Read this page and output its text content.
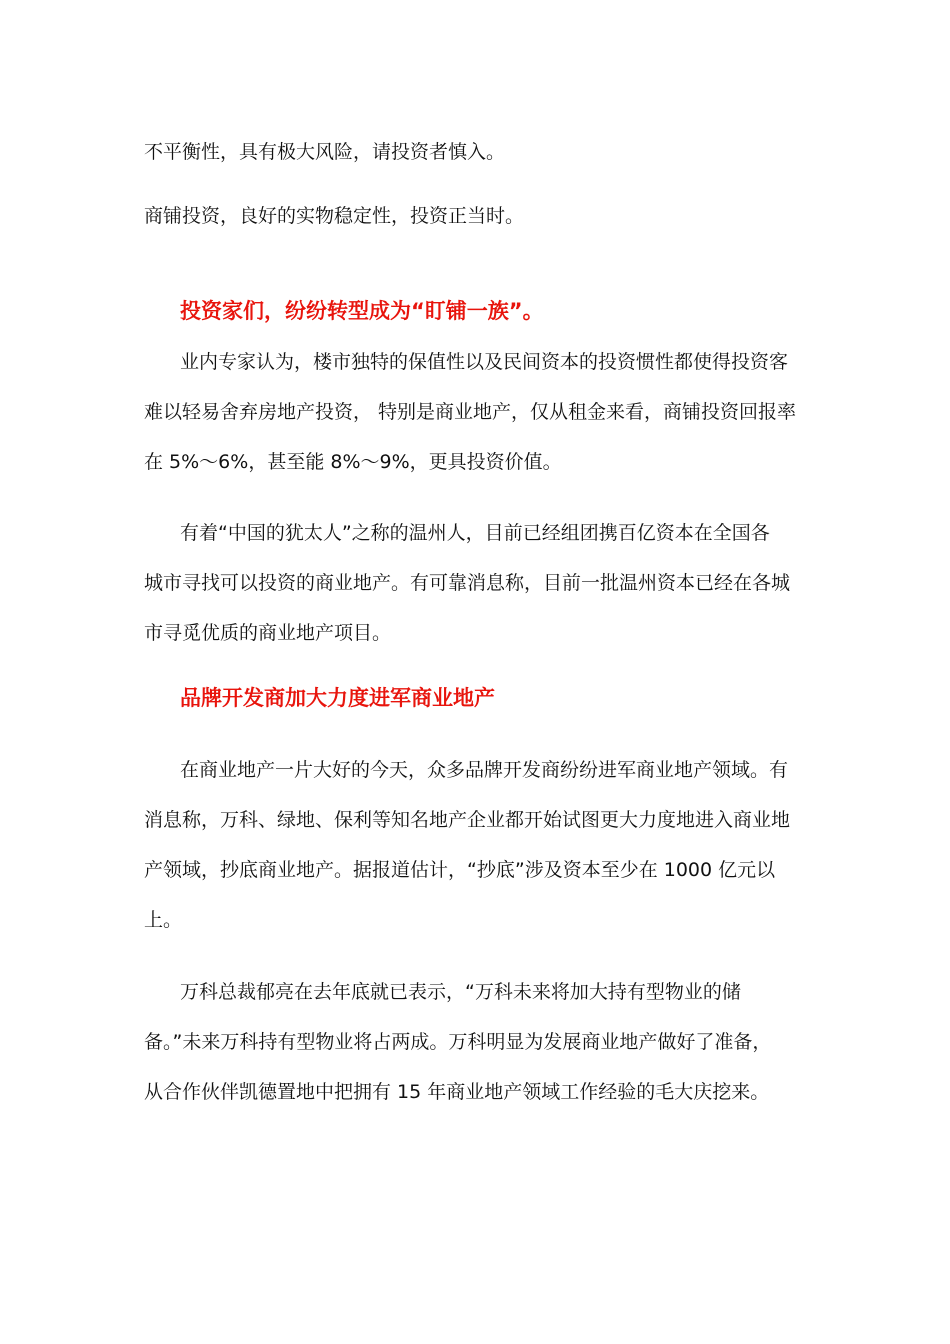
不平衡性，具有极大风险，请投资者慎入。
商铺投资，良好的实物稳定性，投资正当时。
投资家们，纷纷转型成为“盯铺一族”。
业内专家认为，楼市独特的保值性以及民间资本的投资惯性都使得投资客
难以轻易舍弃房地产投资， 特别是商业地产，仅从租金来看，商铺投资回报率
在 5%～6%，甚至能 8%～9%，更具投资价值。
有着“中国的犹太人”之称的温州人，目前已经组团携百亿资本在全国各
城市寻找可以投资的商业地产。有可靠消息称，目前一批温州资本已经在各城
市寻觅优质的商业地产项目。
品牌开发商加大力度进军商业地产
在商业地产一片大好的今天，众多品牌开发商纷纷进军商业地产领域。有
消息称，万科、绿地、保利等知名地产企业都开始试图更大力度地进入商业地
产领域，抄底商业地产。据报道估计，“抄底”涉及资本至少在 1000 亿元以
上。
万科总裁郁亮在去年底就已表示，“万科未来将加大持有型物业的储
备。”未来万科持有型物业将占两成。万科明显为发展商业地产做好了准备，
从合作伙伴凯德置地中把拥有 15 年商业地产领域工作经验的毛大庆挖来。
